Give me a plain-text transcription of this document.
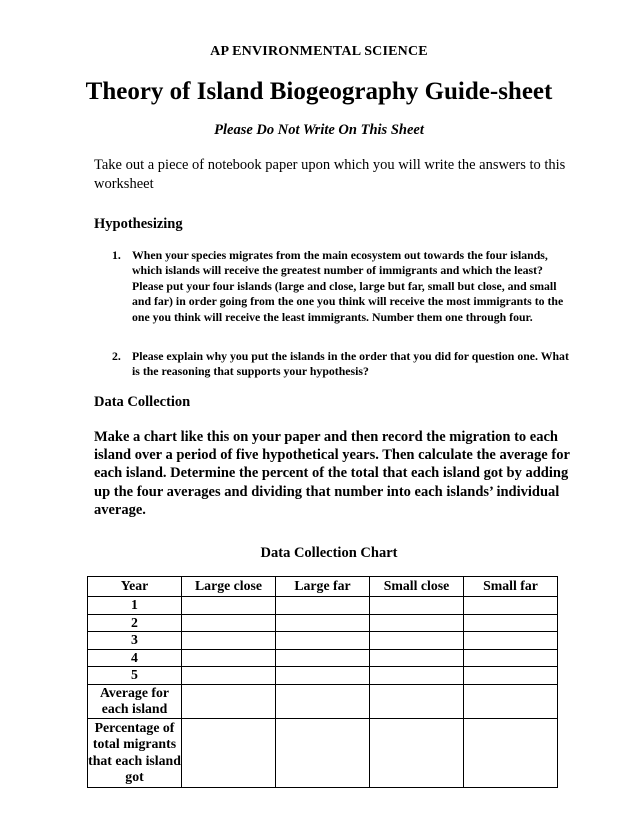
AP ENVIRONMENTAL SCIENCE
Theory of Island Biogeography Guide-sheet
Please Do Not Write On This Sheet
Take out a piece of notebook paper upon which you will write the answers to this worksheet
Hypothesizing
1. When your species migrates from the main ecosystem out towards the four islands, which islands will receive the greatest number of immigrants and which the least? Please put your four islands (large and close, large but far, small but close, and small and far) in order going from the one you think will receive the most immigrants to the one you think will receive the least immigrants. Number them one through four.
2. Please explain why you put the islands in the order that you did for question one. What is the reasoning that supports your hypothesis?
Data Collection
Make a chart like this on your paper and then record the migration to each island over a period of five hypothetical years. Then calculate the average for each island. Determine the percent of the total that each island got by adding up the four averages and dividing that number into each islands’ individual average.
Data Collection Chart
Year	Large close	Large far	Small close	Small far
1				
2				
3				
4				
5				
Average for each island				
Percentage of total migrants that each island got				
